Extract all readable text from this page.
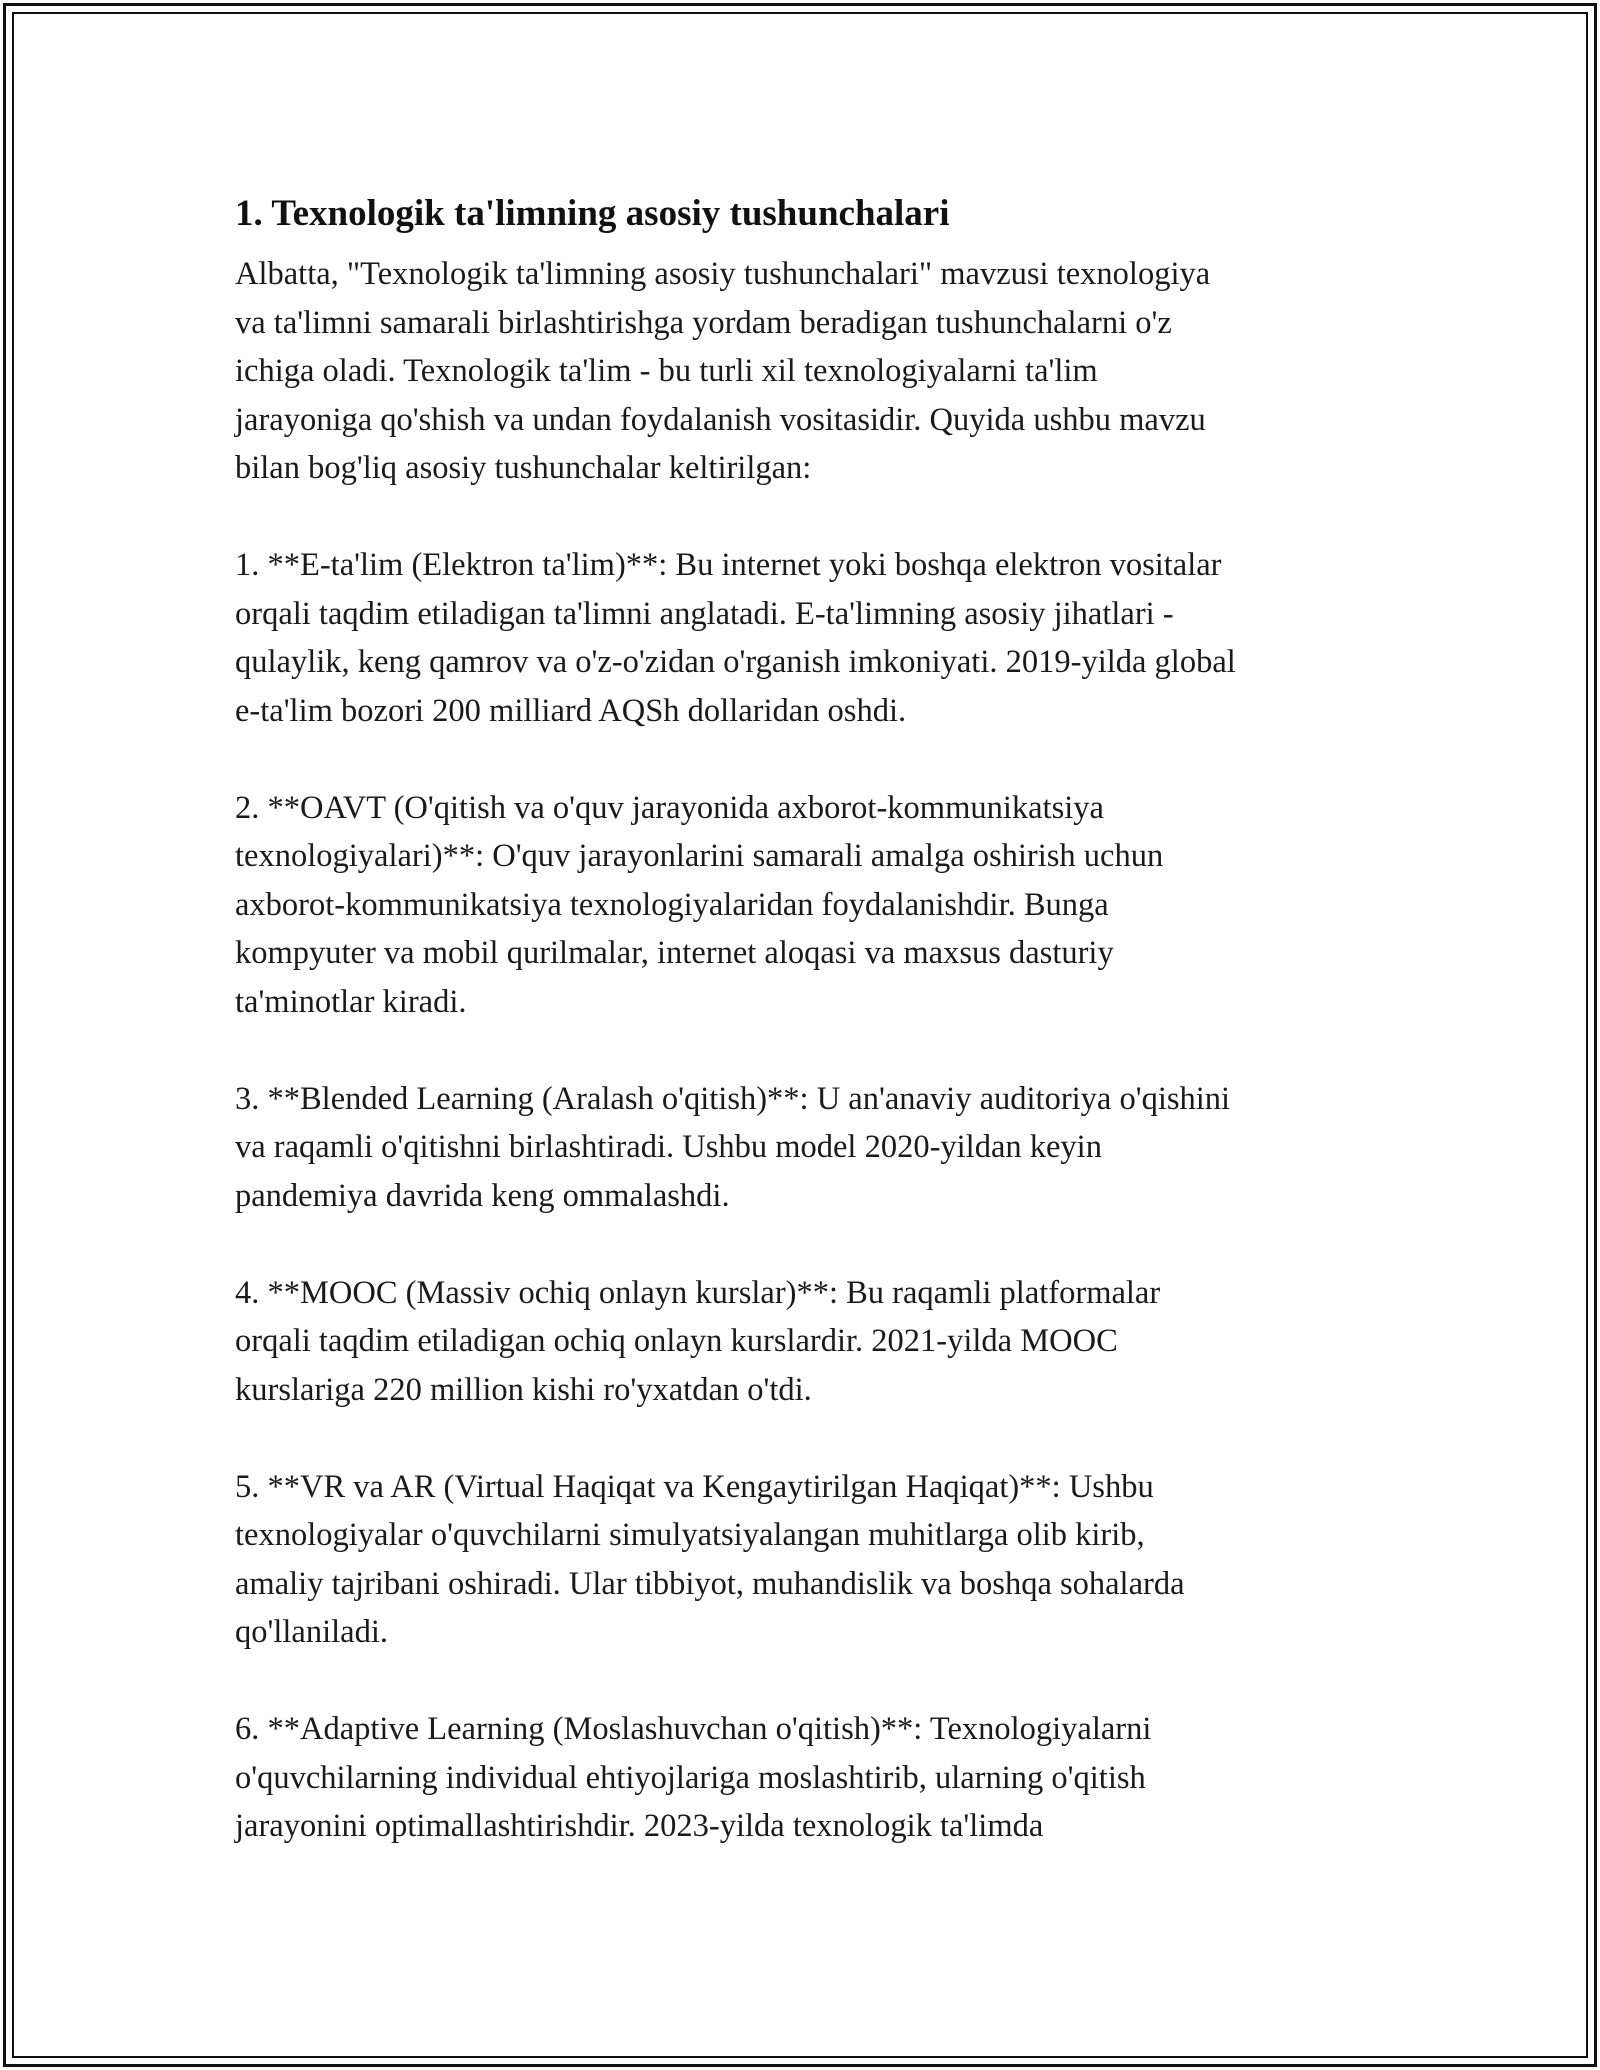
1. Texnologik ta'limning asosiy tushunchalari
Albatta, "Texnologik ta'limning asosiy tushunchalari" mavzusi texnologiya
va ta'limni samarali birlashtirishga yordam beradigan tushunchalarni o'z
ichiga oladi. Texnologik ta'lim - bu turli xil texnologiyalarni ta'lim
jarayoniga qo'shish va undan foydalanish vositasidir. Quyida ushbu mavzu
bilan bog'liq asosiy tushunchalar keltirilgan:
1. **E-ta'lim (Elektron ta'lim)**: Bu internet yoki boshqa elektron vositalar
orqali taqdim etiladigan ta'limni anglatadi. E-ta'limning asosiy jihatlari -
qulaylik, keng qamrov va o'z-o'zidan o'rganish imkoniyati. 2019-yilda global
e-ta'lim bozori 200 milliard AQSh dollaridan oshdi.
2. **OAVT (O'qitish va o'quv jarayonida axborot-kommunikatsiya
texnologiyalari)**: O'quv jarayonlarini samarali amalga oshirish uchun
axborot-kommunikatsiya texnologiyalaridan foydalanishdir. Bunga
kompyuter va mobil qurilmalar, internet aloqasi va maxsus dasturiy
ta'minotlar kiradi.
3. **Blended Learning (Aralash o'qitish)**: U an'anaviy auditoriya o'qishini
va raqamli o'qitishni birlashtiradi. Ushbu model 2020-yildan keyin
pandemiya davrida keng ommalashdi.
4. **MOOC (Massiv ochiq onlayn kurslar)**: Bu raqamli platformalar
orqali taqdim etiladigan ochiq onlayn kurslardir. 2021-yilda MOOC
kurslariga 220 million kishi ro'yxatdan o'tdi.
5. **VR va AR (Virtual Haqiqat va Kengaytirilgan Haqiqat)**: Ushbu
texnologiyalar o'quvchilarni simulyatsiyalangan muhitlarga olib kirib,
amaliy tajribani oshiradi. Ular tibbiyot, muhandislik va boshqa sohalarda
qo'llaniladi.
6. **Adaptive Learning (Moslashuvchan o'qitish)**: Texnologiyalarni
o'quvchilarning individual ehtiyojlariga moslashtirib, ularning o'qitish
jarayonini optimallashtirishdir. 2023-yilda texnologik ta'limda
